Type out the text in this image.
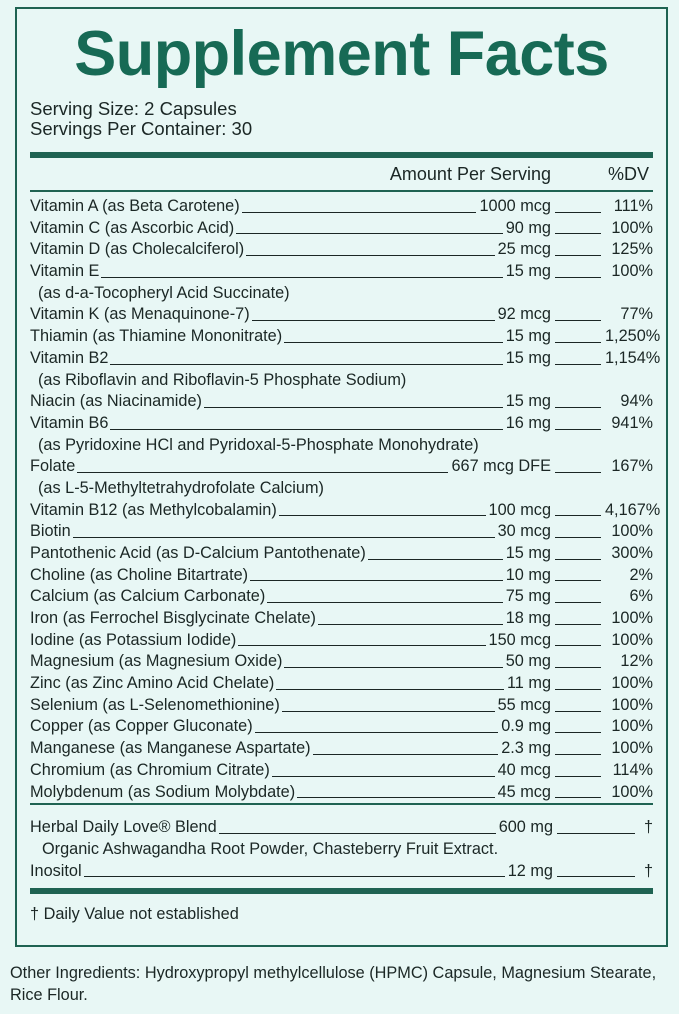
Supplement Facts
Serving Size: 2 Capsules
Servings Per Container: 30
Amount Per Serving	%DV
Vitamin A (as Beta Carotene)	1000 mcg	111%
Vitamin C (as Ascorbic Acid)	90 mg	100%
Vitamin D (as Cholecalciferol)	25 mcg	125%
Vitamin E	15 mg	100%
(as d-a-Tocopheryl Acid Succinate)
Vitamin K (as Menaquinone-7)	92 mcg	77%
Thiamin (as Thiamine Mononitrate)	15 mg	1,250%
Vitamin B2	15 mg	1,154%
(as Riboflavin and Riboflavin-5 Phosphate Sodium)
Niacin (as Niacinamide)	15 mg	94%
Vitamin B6	16 mg	941%
(as Pyridoxine HCl and Pyridoxal-5-Phosphate Monohydrate)
Folate	667 mcg DFE	167%
(as L-5-Methyltetrahydrofolate Calcium)
Vitamin B12 (as Methylcobalamin)	100 mcg	4,167%
Biotin	30 mcg	100%
Pantothenic Acid (as D-Calcium Pantothenate)	15 mg	300%
Choline (as Choline Bitartrate)	10 mg	2%
Calcium (as Calcium Carbonate)	75 mg	6%
Iron (as Ferrochel Bisglycinate Chelate)	18 mg	100%
Iodine (as Potassium Iodide)	150 mcg	100%
Magnesium (as Magnesium Oxide)	50 mg	12%
Zinc (as Zinc Amino Acid Chelate)	11 mg	100%
Selenium (as L-Selenomethionine)	55 mcg	100%
Copper (as Copper Gluconate)	0.9 mg	100%
Manganese (as Manganese Aspartate)	2.3 mg	100%
Chromium (as Chromium Citrate)	40 mcg	114%
Molybdenum (as Sodium Molybdate)	45 mcg	100%
Herbal Daily Love® Blend	600 mg	†
Organic Ashwagandha Root Powder, Chasteberry Fruit Extract.
Inositol	12 mg	†
† Daily Value not established
Other Ingredients: Hydroxypropyl methylcellulose (HPMC) Capsule, Magnesium Stearate, Rice Flour.
